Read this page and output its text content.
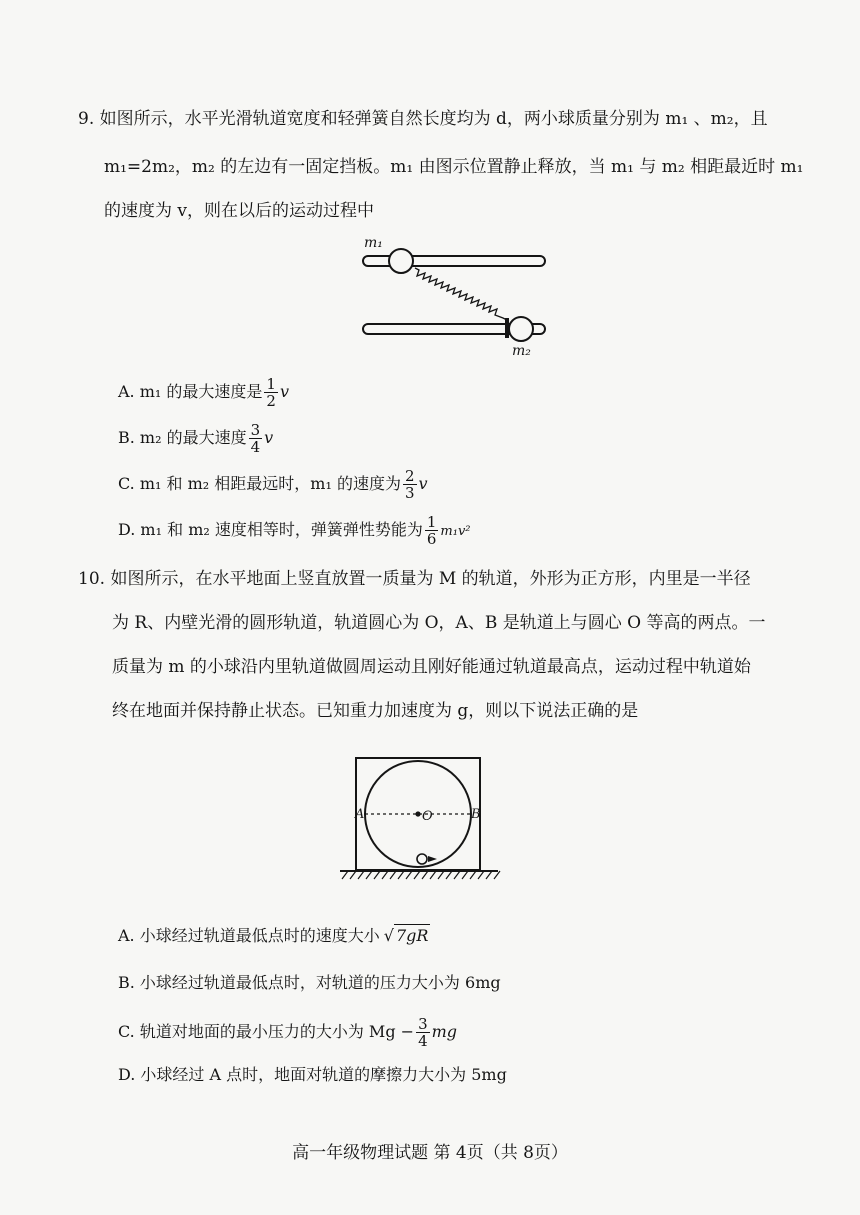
9. 如图所示，水平光滑轨道宽度和轻弹簧自然长度均为 d，两小球质量分别为 m₁ 、m₂，且
m₁=2m₂，m₂ 的左边有一固定挡板。m₁ 由图示位置静止释放，当 m₁ 与 m₂ 相距最近时 m₁
的速度为 v，则在以后的运动过程中
m₁
m₂
A. m₁ 的最大速度是 $\frac{1}{2}$ v
B. m₂ 的最大速度 $\frac{3}{4}$ v
C. m₁ 和 m₂ 相距最远时，m₁ 的速度为 $\frac{2}{3}$ v
D. m₁ 和 m₂ 速度相等时，弹簧弹性势能为 $\frac{1}{6} m_1v^2$
10. 如图所示，在水平地面上竖直放置一质量为 M 的轨道，外形为正方形，内里是一半径
为 R、内壁光滑的圆形轨道，轨道圆心为 O，A、B 是轨道上与圆心 O 等高的两点。一
质量为 m 的小球沿内里轨道做圆周运动且刚好能通过轨道最高点，运动过程中轨道始
终在地面并保持静止状态。已知重力加速度为 g，则以下说法正确的是
A	B
O
A. 小球经过轨道最低点时的速度大小 √ 7gR
B. 小球经过轨道最低点时，对轨道的压力大小为 6mg
C. 轨道对地面的最小压力的大小为 $Mg - \frac{3}{4}$ mg
D. 小球经过 A 点时，地面对轨道的摩擦力大小为 5mg
高一年级物理试题 第 4页（共 8页）
